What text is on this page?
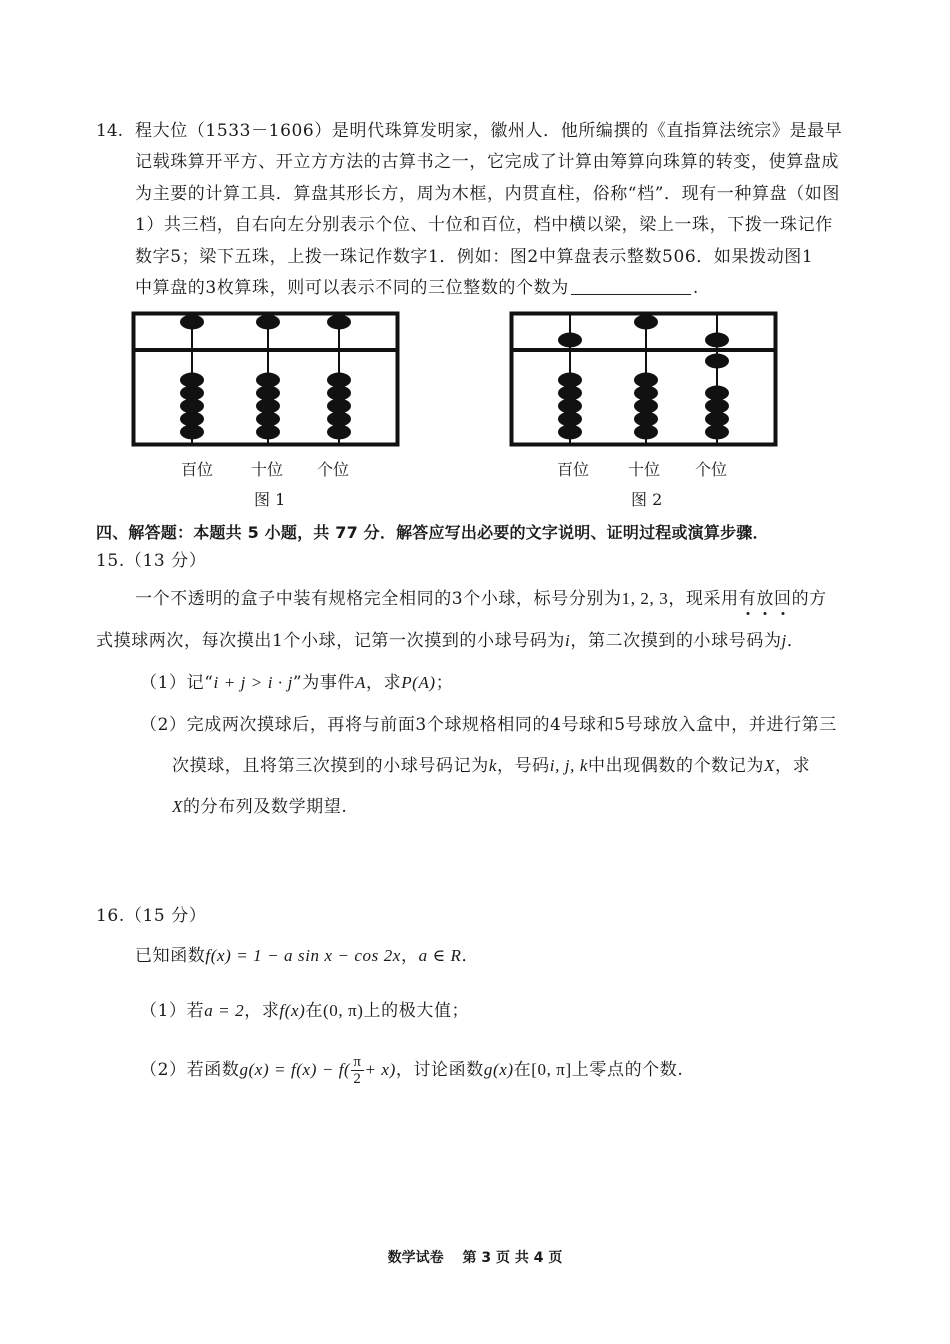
14. 程大位（1533－1606）是明代珠算发明家，徽州人．他所编撰的《直指算法统宗》是最早
记载珠算开平方、开立方方法的古算书之一，它完成了计算由筹算向珠算的转变，使算盘成
为主要的计算工具．算盘其形长方，周为木框，内贯直柱，俗称“档”．现有一种算盘（如图
1）共三档，自右向左分别表示个位、十位和百位，档中横以梁，梁上一珠，下拨一珠记作
数字5；梁下五珠，上拨一珠记作数字1．例如：图2中算盘表示整数506．如果拨动图1
中算盘的3枚算珠，则可以表示不同的三位整数的个数为	.
百位 十位 个位
图 1
百位 十位 个位
图 2
四、解答题：本题共 5 小题，共 77 分．解答应写出必要的文字说明、证明过程或演算步骤．
15.（13 分）
一个不透明的盒子中装有规格完全相同的3个小球，标号分别为1, 2, 3，现采用有放回的方
式摸球两次，每次摸出1个小球，记第一次摸到的小球号码为i，第二次摸到的小球号码为j．
（1）记“i + j > i · j”为事件A，求P(A)；
（2）完成两次摸球后，再将与前面3个球规格相同的4号球和5号球放入盒中，并进行第三
次摸球，且将第三次摸到的小球号码记为k，号码i, j, k中出现偶数的个数记为X，求
X的分布列及数学期望.
16.（15 分）
已知函数f(x) = 1 − a sin x − cos 2x，a ∈ R．
（1）若a = 2，求f(x)在(0, π)上的极大值；
（2）若函数$g(x) = f(x) - f( \frac{\pi}{2} + x)$，讨论函数g(x)在[0, π]上零点的个数.
数学试卷　 第 3 页 共 4 页
